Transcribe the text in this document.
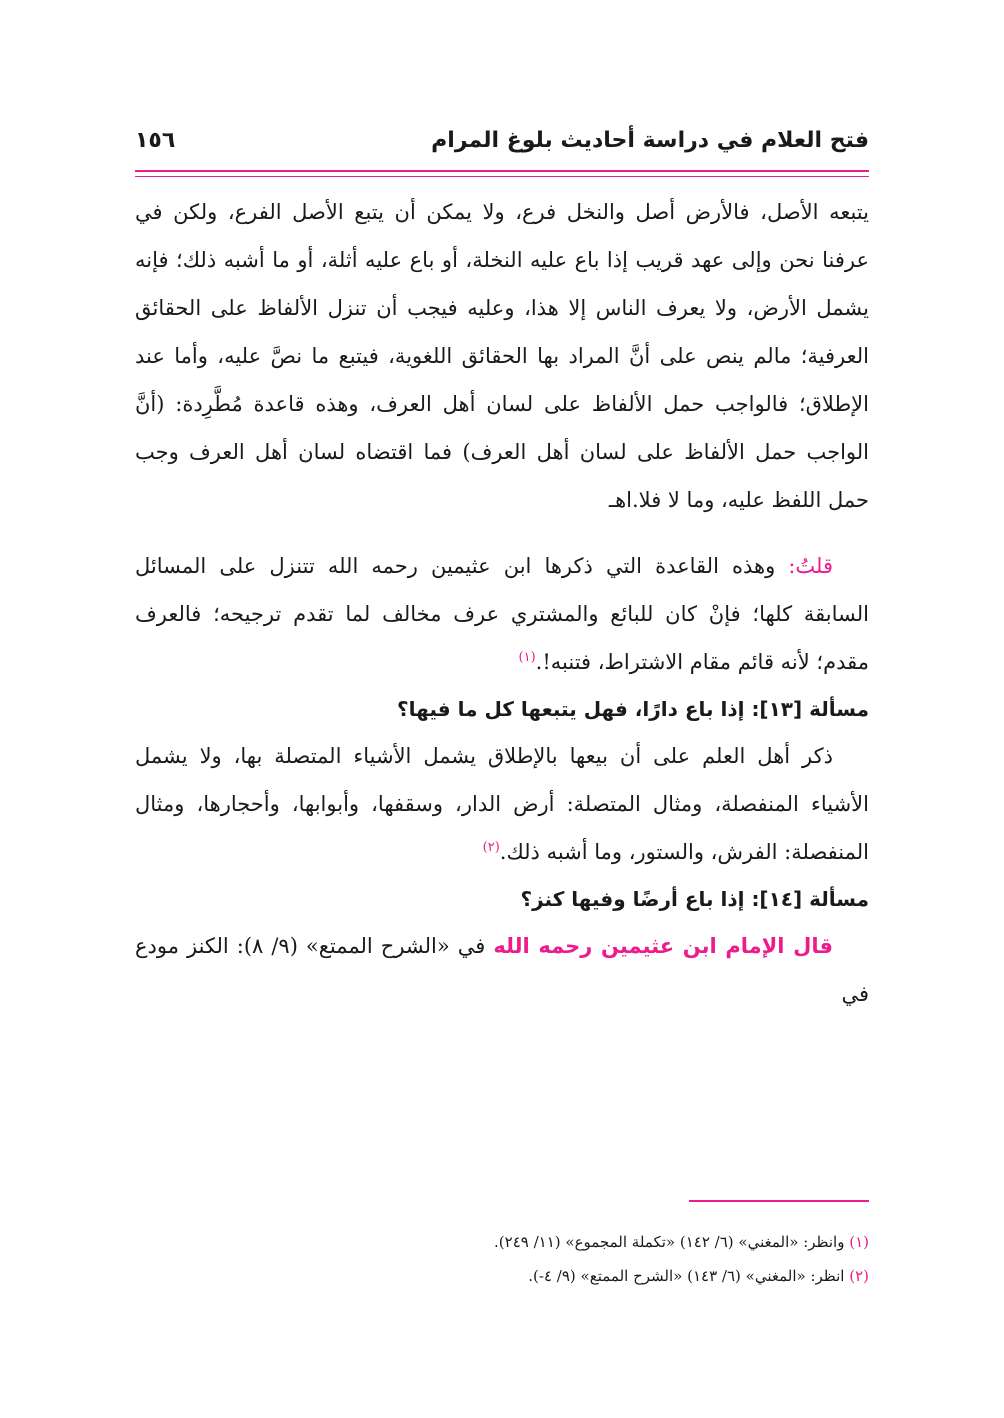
فتح العلام في دراسة أحاديث بلوغ المرام
١٥٦

يتبعه الأصل، فالأرض أصل والنخل فرع، ولا يمكن أن يتبع الأصل الفرع، ولكن في عرفنا نحن وإلى عهد قريب إذا باع عليه النخلة، أو باع عليه أثلة، أو ما أشبه ذلك؛ فإنه يشمل الأرض، ولا يعرف الناس إلا هذا، وعليه فيجب أن تنزل الألفاظ على الحقائق العرفية؛ مالم ينص على أنَّ المراد بها الحقائق اللغوية، فيتبع ما نصَّ عليه، وأما عند الإطلاق؛ فالواجب حمل الألفاظ على لسان أهل العرف، وهذه قاعدة مُطَّرِدة: (أنَّ الواجب حمل الألفاظ على لسان أهل العرف) فما اقتضاه لسان أهل العرف وجب حمل اللفظ عليه، وما لا فلا.اهـ

قلتُ: وهذه القاعدة التي ذكرها ابن عثيمين رحمه الله تتنزل على المسائل السابقة كلها؛ فإنْ كان للبائع والمشتري عرف مخالف لما تقدم ترجيحه؛ فالعرف مقدم؛ لأنه قائم مقام الاشتراط، فتنبه!.$^{(١)}$

مسألة [١٣]: إذا باع دارًا، فهل يتبعها كل ما فيها؟

ذكر أهل العلم على أن بيعها بالإطلاق يشمل الأشياء المتصلة بها، ولا يشمل الأشياء المنفصلة، ومثال المتصلة: أرض الدار، وسقفها، وأبوابها، وأحجارها، ومثال المنفصلة: الفرش، والستور، وما أشبه ذلك.$^{(٢)}$

مسألة [١٤]: إذا باع أرضًا وفيها كنز؟

قال الإمام ابن عثيمين رحمه الله في «الشرح الممتع» (٩/ ٨): الكنز مودع في

(١) وانظر: «المغني» (٦/ ١٤٢) «تكملة المجموع» (١١/ ٢٤٩).

(٢) انظر: «المغني» (٦/ ١٤٣) «الشرح الممتع» (٩/ ٤-).
